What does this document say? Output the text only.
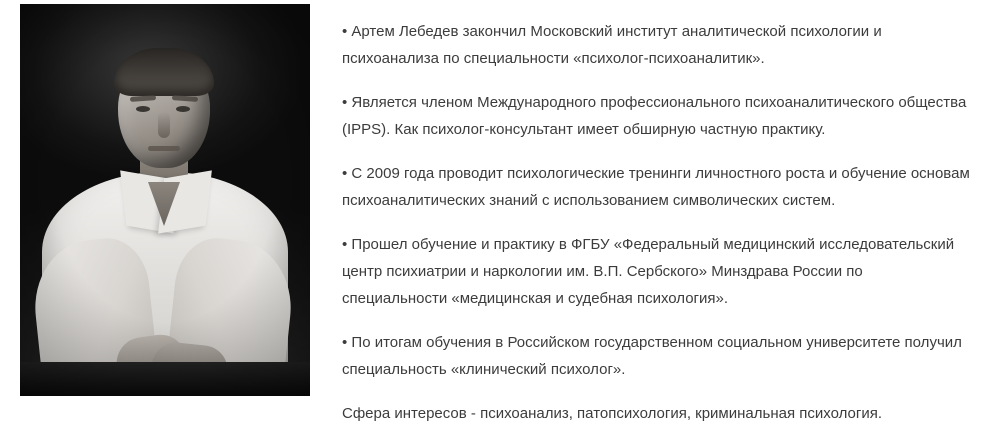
• Артем Лебедев закончил Московский институт аналитической психологии и психоанализа по специальности «психолог-психоаналитик».

• Является членом Международного профессионального психоаналитического общества (IPPS). Как психолог-консультант имеет обширную частную практику.

• С 2009 года проводит психологические тренинги личностного роста и обучение основам психоаналитических знаний с использованием символических систем.

• Прошел обучение и практику в ФГБУ «Федеральный медицинский исследовательский центр психиатрии и наркологии им. В.П. Сербского» Минздрава России по специальности «медицинская и судебная психология».

• По итогам обучения в Российском государственном социальном университете получил специальность «клинический психолог».

Сфера интересов - психоанализ, патопсихология, криминальная психология.
